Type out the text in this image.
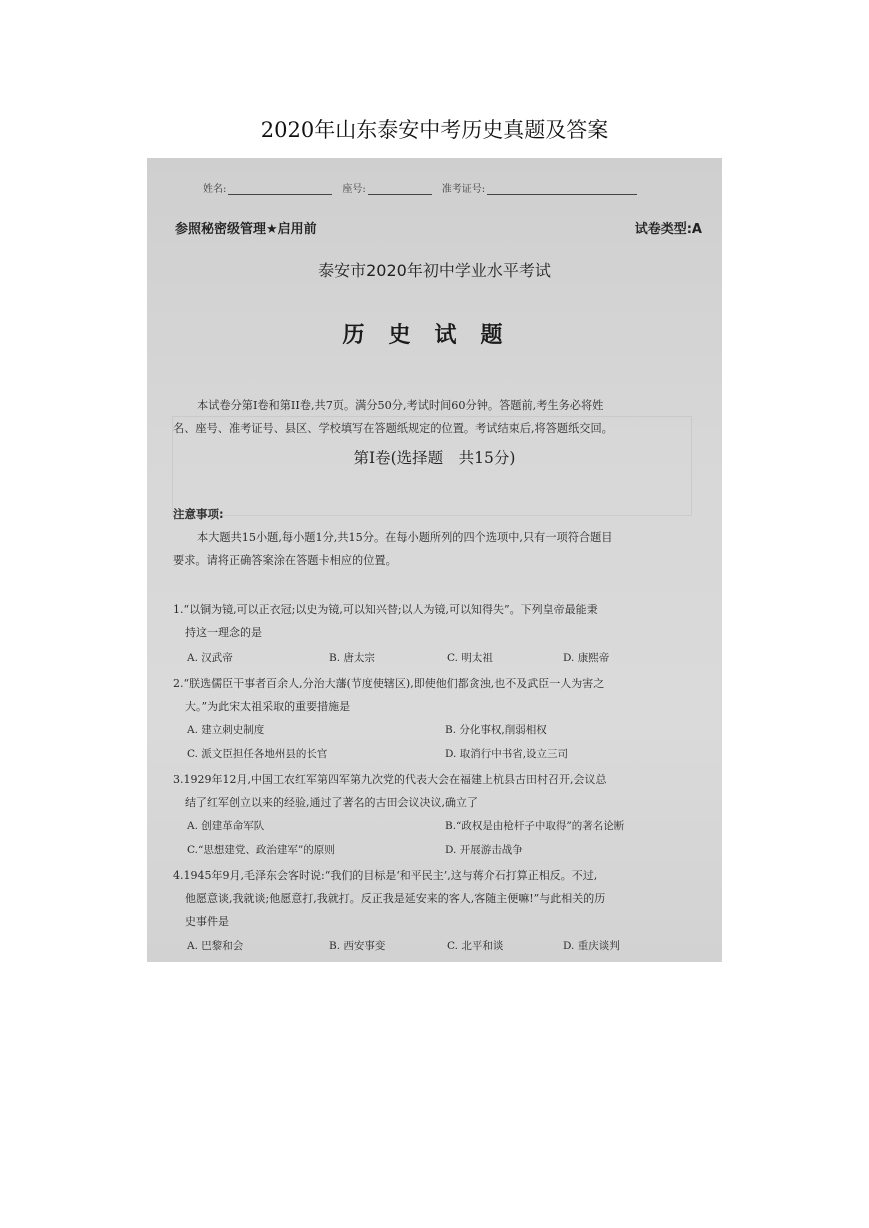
2020年山东泰安中考历史真题及答案
姓名:	座号:	准考证号:
参照秘密级管理★启用前	试卷类型:A
泰安市2020年初中学业水平考试
历史试题
本试卷分第I卷和第II卷,共7页。满分50分,考试时间60分钟。答题前,考生务必将姓
名、座号、准考证号、县区、学校填写在答题纸规定的位置。考试结束后,将答题纸交回。
第I卷(选择题　共15分)
注意事项:
本大题共15小题,每小题1分,共15分。在每小题所列的四个选项中,只有一项符合题目
要求。请将正确答案涂在答题卡相应的位置。
1.“以铜为镜,可以正衣冠;以史为镜,可以知兴替;以人为镜,可以知得失”。下列皇帝最能秉
持这一理念的是
A. 汉武帝	B. 唐太宗	C. 明太祖	D. 康熙帝
2.“朕选儒臣干事者百余人,分治大藩(节度使辖区),即使他们都贪浊,也不及武臣一人为害之
大。”为此宋太祖采取的重要措施是
A. 建立刺史制度	B. 分化事权,削弱相权
C. 派文臣担任各地州县的长官	D. 取消行中书省,设立三司
3.1929年12月,中国工农红军第四军第九次党的代表大会在福建上杭县古田村召开,会议总
结了红军创立以来的经验,通过了著名的古田会议决议,确立了
A. 创建革命军队	B.“政权是由枪杆子中取得”的著名论断
C.“思想建党、政治建军”的原则	D. 开展游击战争
4.1945年9月,毛泽东会客时说:“我们的目标是‘和平民主’,这与蒋介石打算正相反。不过,
他愿意谈,我就谈;他愿意打,我就打。反正我是延安来的客人,客随主便嘛!”与此相关的历
史事件是
A. 巴黎和会	B. 西安事变	C. 北平和谈	D. 重庆谈判
